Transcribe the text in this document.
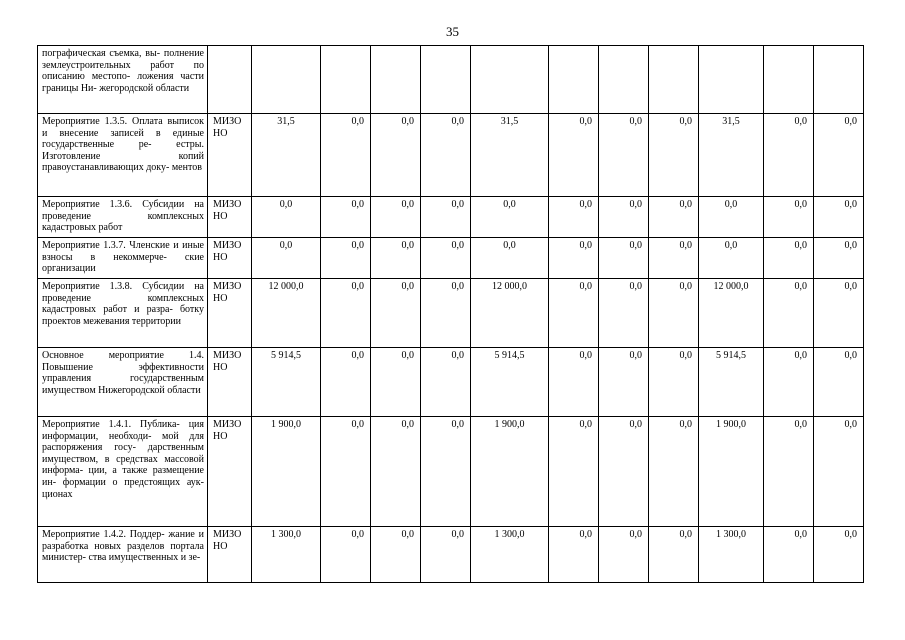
35
пографическая съемка, вы- полнение землеустроительных работ по описанию местопо- ложения части границы Ни- жегородской области													
Мероприятие 1.3.5. Оплата выписок и внесение записей в единые государственные ре- естры. Изготовление копий правоустанавливающих доку- ментов	МИЗО НО	31,5	0,0	0,0	0,0	31,5	0,0	0,0	0,0	31,5	0,0	0,0	
Мероприятие 1.3.6. Субсидии на проведение комплексных кадастровых работ	МИЗО НО	0,0	0,0	0,0	0,0	0,0	0,0	0,0	0,0	0,0	0,0	0,0	
Мероприятие 1.3.7. Членские и иные взносы в некоммерче- ские организации	МИЗО НО	0,0	0,0	0,0	0,0	0,0	0,0	0,0	0,0	0,0	0,0	0,0	
Мероприятие 1.3.8. Субсидии на проведение комплексных кадастровых работ и разра- ботку проектов межевания территории	МИЗО НО	12 000,0	0,0	0,0	0,0	12 000,0	0,0	0,0	0,0	12 000,0	0,0	0,0	
Основное мероприятие 1.4. Повышение эффективности управления государственным имуществом Нижегородской области	МИЗО НО	5 914,5	0,0	0,0	0,0	5 914,5	0,0	0,0	0,0	5 914,5	0,0	0,0	
Мероприятие 1.4.1. Публика- ция информации, необходи- мой для распоряжения госу- дарственным имуществом, в средствах массовой информа- ции, а также размещение ин- формации о предстоящих аук- ционах	МИЗО НО	1 900,0	0,0	0,0	0,0	1 900,0	0,0	0,0	0,0	1 900,0	0,0	0,0	
Мероприятие 1.4.2. Поддер- жание и разработка новых разделов портала министер- ства имущественных и зе-	МИЗО НО	1 300,0	0,0	0,0	0,0	1 300,0	0,0	0,0	0,0	1 300,0	0,0	0,0	
